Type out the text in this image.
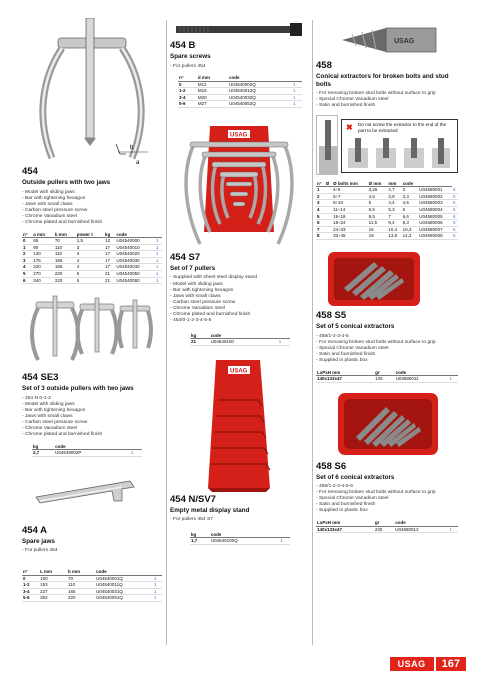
b
a
454
Outside pullers with two jaws
- Model with sliding jaws
- Bar with tightening hexagon
- Jaws with small claws
- Carbon steel pressure screw
- Chrome Vanadium steel
- Chrome plated and burnished finish
n°	a mm	b mm	power t	kg	code	
0	65	70	1,5	13	U04540000	1
1	90	110	3	17	U04540010	1
2	130	110	3	17	U04540020	1
3	175	165	4	17	U04540030	1
4	220	165	4	17	U04540040	1
5	270	220	5	21	U04540050	1
6	340	220	5	21	U04540060	1
454 SE3
Set of 3 outside pullers with two jaws
- 454 N 0-1-2
- Model with sliding jaws
- Bar with tightening hexagon
- Jaws with small claws
- Carbon steel pressure screw
- Chrome Vanadium steel
- Chrome plated and burnished finish
kg	code	
2,7	U04549002P	1
454 A
Spare jaws
- For pullers 454
n°	L mm	b mm	code	
0	100	70	U04540001Q	1
1-2	153	110	U04540011Q	1
3-4	227	165	U04540031Q	1
5-6	302	220	U04540051Q	1
454 B
Spare screws
- For pullers 454
n°	d mm	code	
0	M12	U04540002Q	1
1-2	M16	U04540012Q	1
3-4	M20	U04540032Q	1
5-6	M27	U04540052Q	1
USAG
454 S7
Set of 7 pullers
- Supplied with sheet steel display stand
- Model with sliding jaws
- Bar with tightening hexagon
- Jaws with small claws
- Carbon steel pressure screw
- Chrome Vanadium steel
- Chrome plated and burnished finish
- 454/0-1-2-3-4-5-6
kg	code	
21	U04540100	1
USAG
454 N/SV7
Empty metal display stand
- For pullers 454 S7
kg	code	
1,7	U04540100Q	1
USAG
458
Conical extractors for broken bolts and stud bolts
- For removing broken stud bolts without surface to grip
- Special Chrome Vanadium steel
- Satin and burnished finish
✖	Do not screw the extractor to the end of the part to be extracted
n°	Ø	Ø bolts mm	Ø mm	mm	code		
1		4÷5	3,25	2,7	3	U04580001	5
2		6÷7	4,5	3,9	3,3	U04580002	5
3		8÷10	5	4,4	4,5	U04580003	5
4		11÷14	6,5	5,3	5	U04580004	5
5		16÷18	8,5	7	6,6	U04580005	5
6		18÷24	11,5	9,4	8,3	U04580006	5
7		24÷33	15	10,4	10,3	U04580007	5
8		33÷45	19	13,8	14,3	U04580008	5
458 S5
Set of 5 conical extractors
- 458/1-2-3-4-5
- For removing broken stud bolts without surface to grip
- Special Chrome Vanadium steel
- Satin and burnished finish
- Supplied in plastic box
LxPxH mm	gr	code	
140x133x47	125	U04580011	1
458 S6
Set of 6 conical extractors
- 458/1-2-3-4-5-6
- For removing broken stud bolts without surface to grip
- Special Chrome Vanadium steel
- Satin and burnished finish
- Supplied in plastic box
LxPxH mm	gr	code	
140x133x47	230	U04580012	1
USAG	167
